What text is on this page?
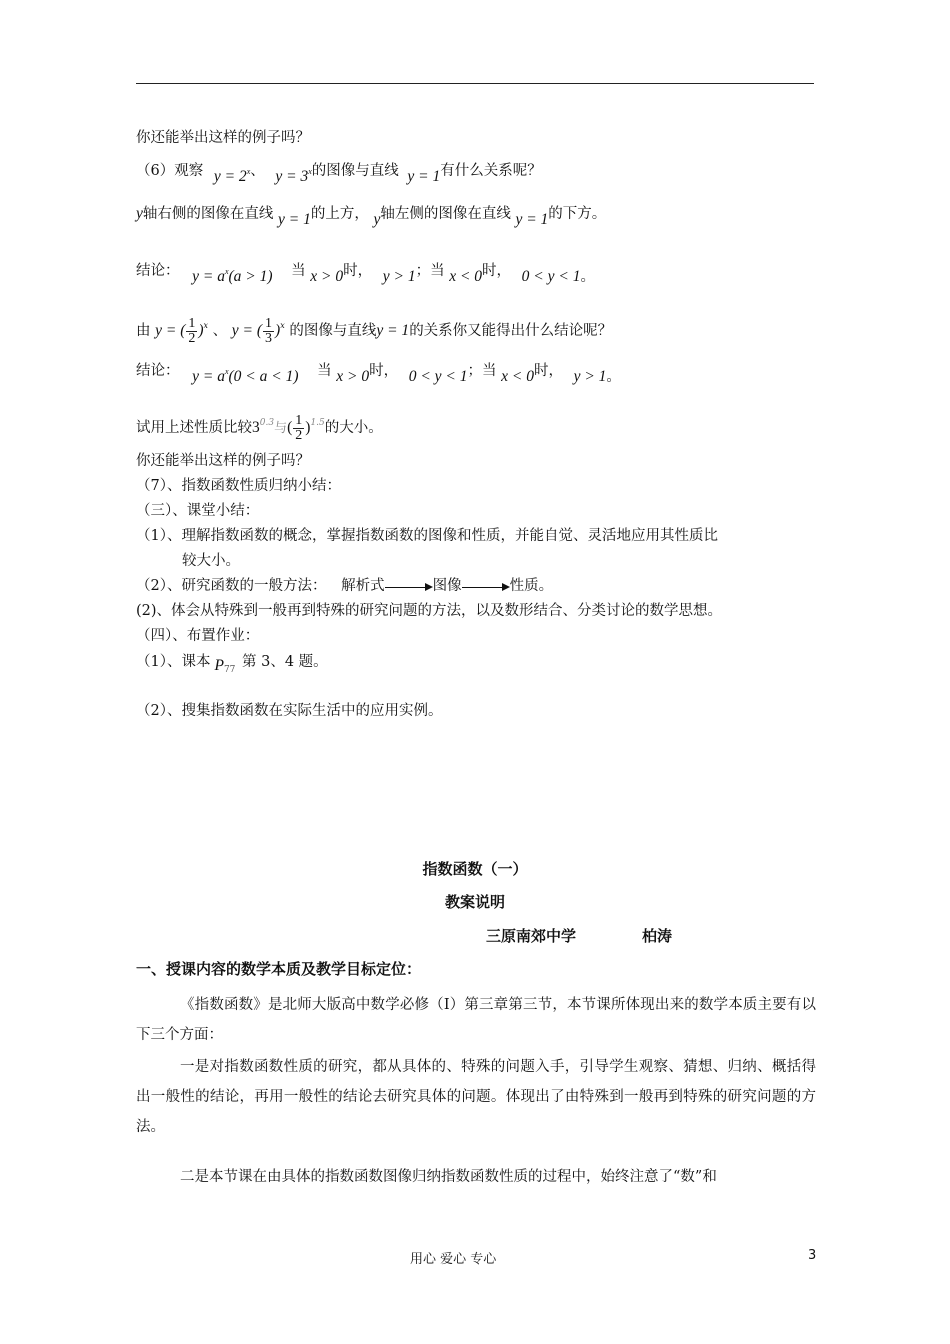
你还能举出这样的例子吗？
（6）观察 $y = 2^x$、 $y = 3^x$的图像与直线 y = 1有什么关系呢？
y轴右侧的图像在直线 y = 1的上方， y轴左侧的图像在直线 y = 1的下方。
结论： $y = a^x(a > 1)$ 当 x > 0时， y > 1；当 x < 0时， 0 < y < 1。
由 y = ( $\frac{1}{2} )^x$ 、 y = ( $\frac{1}{3} )^x$ 的图像与直线y = 1的关系你又能得出什么结论呢？
结论： $y = a^x(0 < a < 1)$ 当 x > 0时， 0 < y < 1；当 x < 0时， y > 1。
试用上述性质比较$3^{0.3}$与( $\frac{1}{2} )^{1.5}$的大小。
你还能举出这样的例子吗？
（7）、指数函数性质归纳小结：
（三）、课堂小结：
（1）、理解指数函数的概念，掌握指数函数的图像和性质，并能自觉、灵活地应用其性质比
较大小。
（2）、研究函数的一般方法： 解析式	图像	性质。
(2)、体会从特殊到一般再到特殊的研究问题的方法，以及数形结合、分类讨论的数学思想。
（四）、布置作业：
（1）、课本 $P_{77}$ 第 3、4 题。
（2）、搜集指数函数在实际生活中的应用实例。
指数函数（一）
教案说明
三原南郊中学	柏涛
一、授课内容的数学本质及教学目标定位：
《指数函数》是北师大版高中数学必修（Ⅰ）第三章第三节，本节课所体现出来的数学本质主要有以下三个方面：
一是对指数函数性质的研究，都从具体的、特殊的问题入手，引导学生观察、猜想、归纳、概括得出一般性的结论，再用一般性的结论去研究具体的问题。体现出了由特殊到一般再到特殊的研究问题的方法。
二是本节课在由具体的指数函数图像归纳指数函数性质的过程中，始终注意了“数”和
用心 爱心 专心	3
